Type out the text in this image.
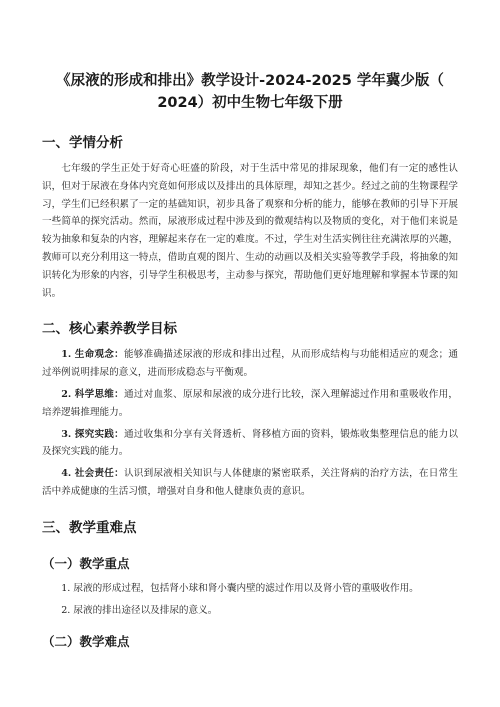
《尿液的形成和排出》教学设计-2024-2025 学年冀少版（
2024）初中生物七年级下册
一、学情分析

七年级的学生正处于好奇心旺盛的阶段，对于生活中常见的排尿现象，他们有一定的感性认识，但对于尿液在身体内究竟如何形成以及排出的具体原理，却知之甚少。经过之前的生物课程学习，学生们已经积累了一定的基础知识，初步具备了观察和分析的能力，能够在教师的引导下开展一些简单的探究活动。然而，尿液形成过程中涉及到的微观结构以及物质的变化，对于他们来说是较为抽象和复杂的内容，理解起来存在一定的难度。不过，学生对生活实例往往充满浓厚的兴趣，教师可以充分利用这一特点，借助直观的图片、生动的动画以及相关实验等教学手段，将抽象的知识转化为形象的内容，引导学生积极思考，主动参与探究，帮助他们更好地理解和掌握本节课的知识。

二、核心素养教学目标

1. 生命观念：能够准确描述尿液的形成和排出过程，从而形成结构与功能相适应的观念；通过举例说明排尿的意义，进而形成稳态与平衡观。

2. 科学思维：通过对血浆、原尿和尿液的成分进行比较，深入理解滤过作用和重吸收作用，培养逻辑推理能力。

3. 探究实践：通过收集和分享有关肾透析、肾移植方面的资料，锻炼收集整理信息的能力以及探究实践的能力。

4. 社会责任：认识到尿液相关知识与人体健康的紧密联系，关注肾病的治疗方法，在日常生活中养成健康的生活习惯，增强对自身和他人健康负责的意识。

三、教学重难点
（一）教学重点

1. 尿液的形成过程，包括肾小球和肾小囊内壁的滤过作用以及肾小管的重吸收作用。

2. 尿液的排出途径以及排尿的意义。

（二）教学难点
